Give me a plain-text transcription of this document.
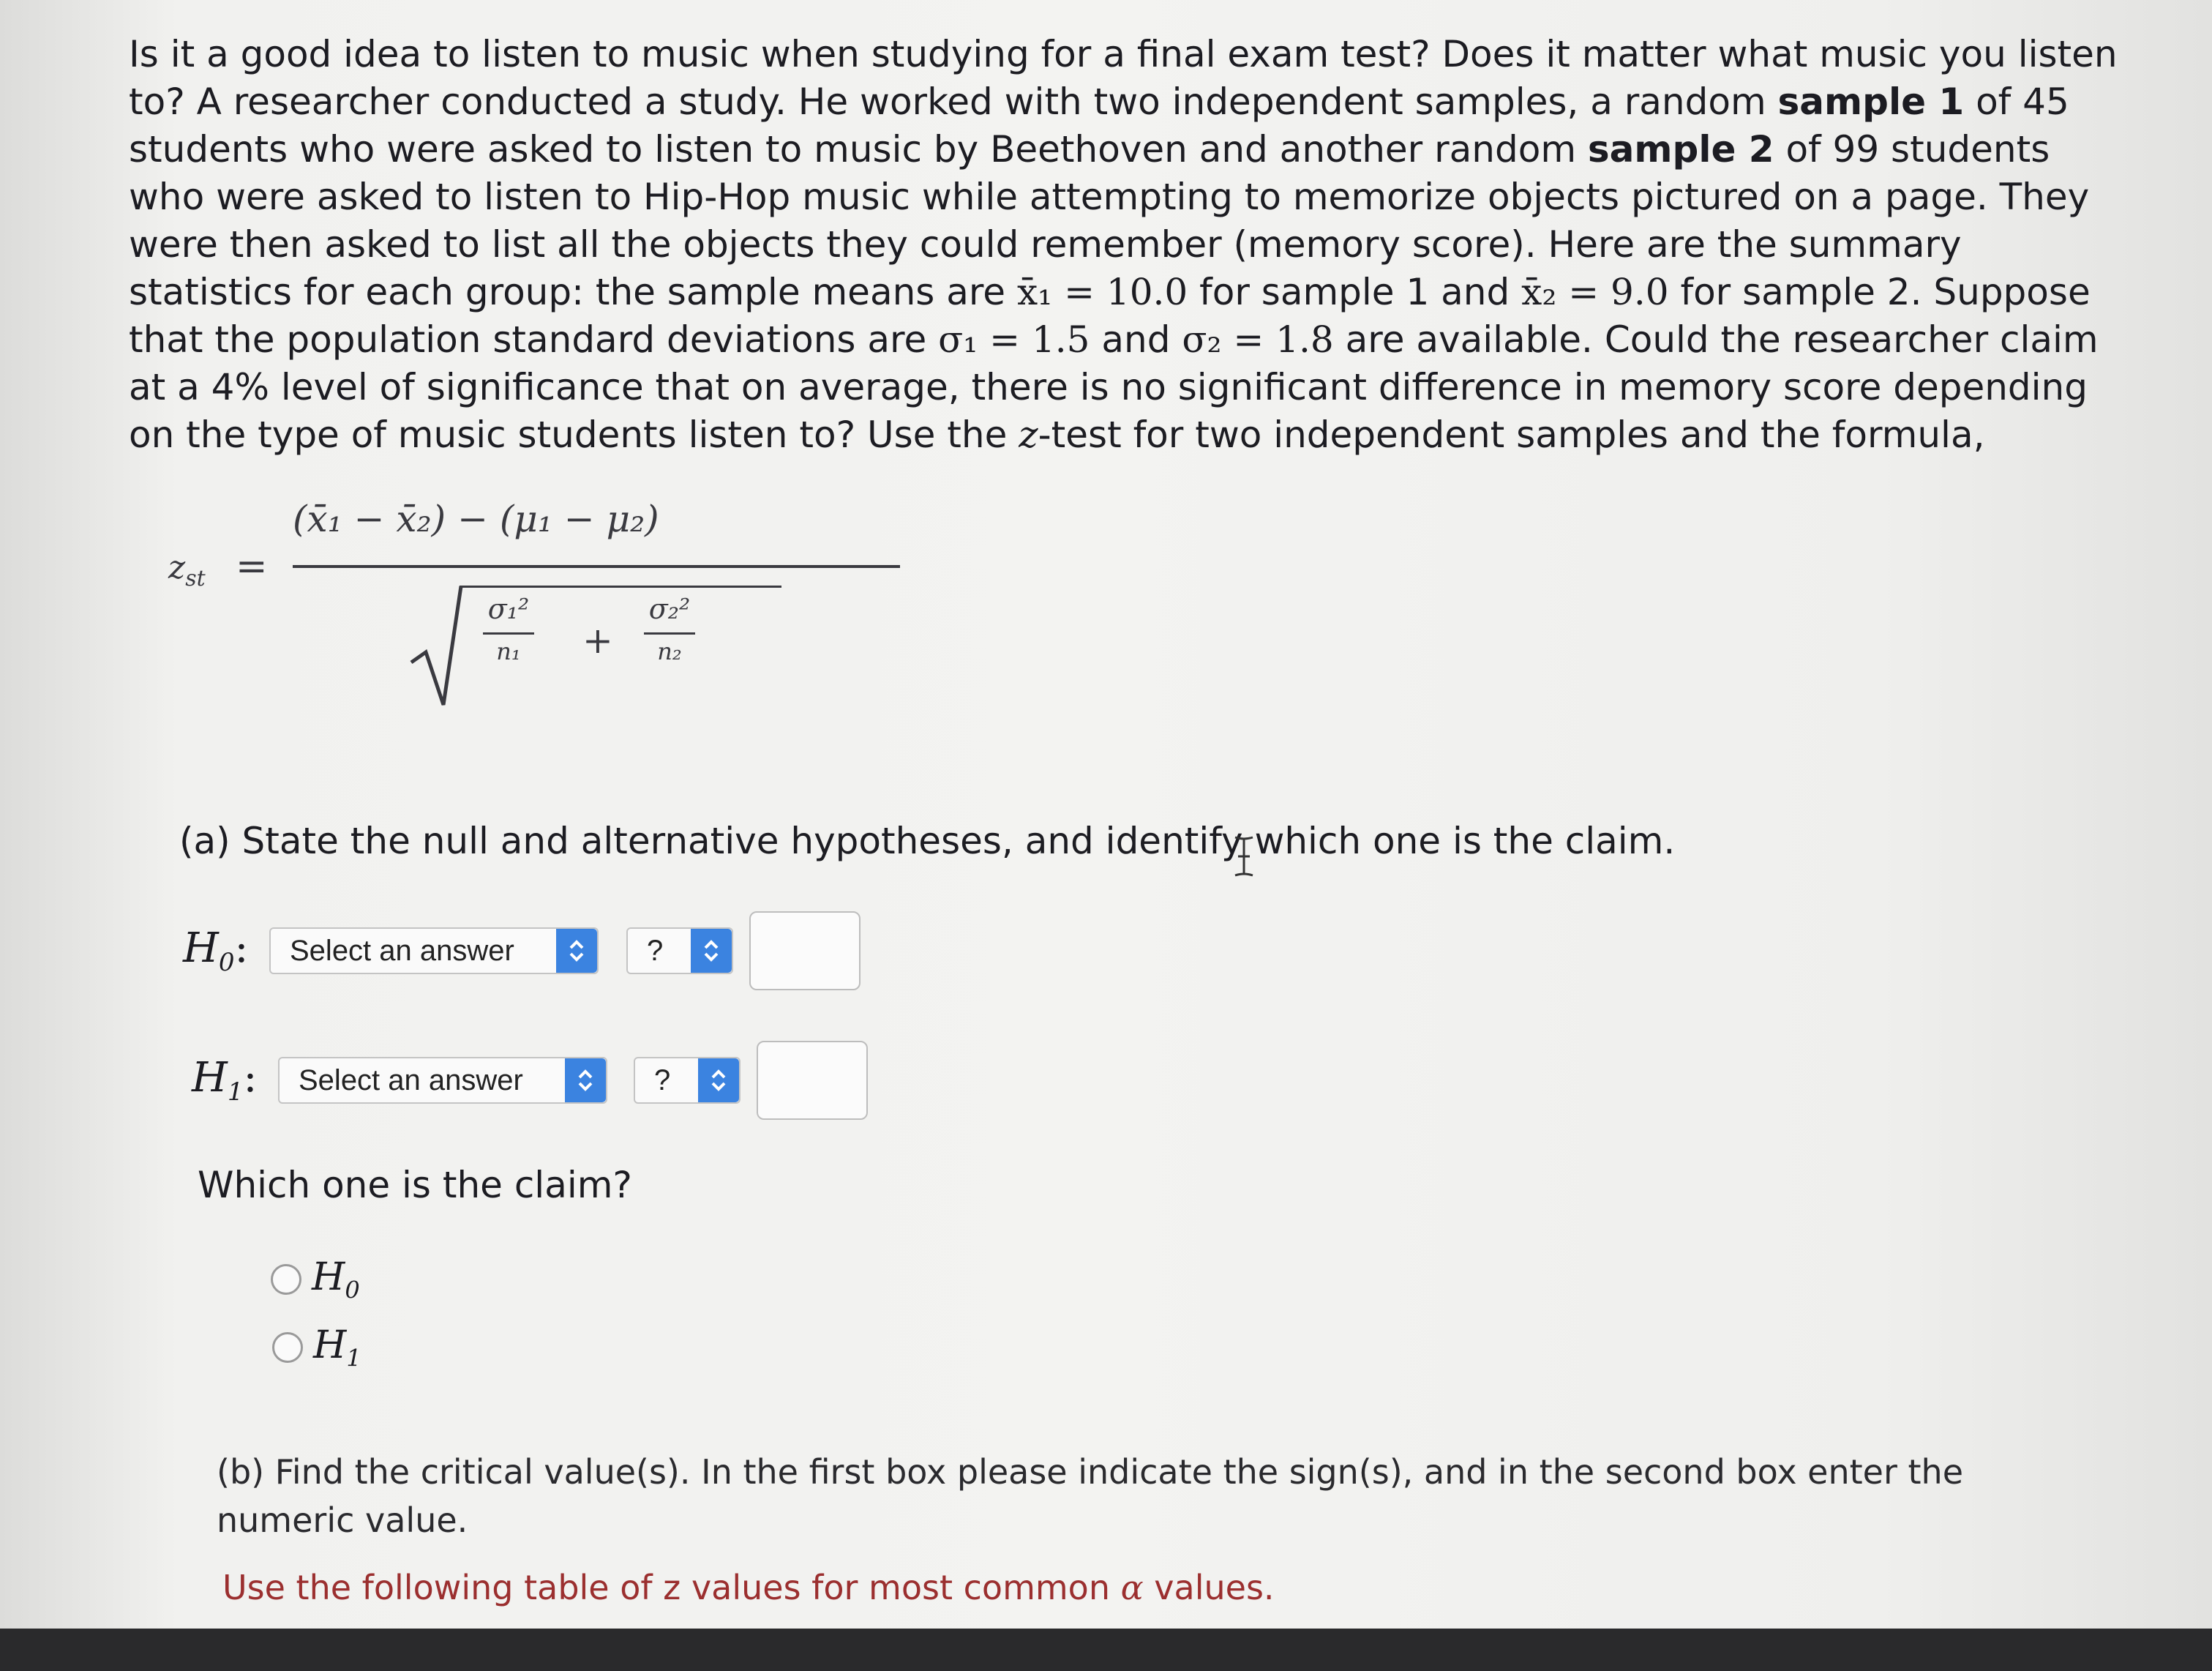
Is it a good idea to listen to music when studying for a final exam test? Does it matter what music you listen to? A researcher conducted a study. He worked with two independent samples, a random sample 1 of 45 students who were asked to listen to music by Beethoven and another random sample 2 of 99 students who were asked to listen to Hip-Hop music while attempting to memorize objects pictured on a page. They were then asked to list all the objects they could remember (memory score). Here are the summary statistics for each group: the sample means are x̄₁ = 10.0 for sample 1 and x̄₂ = 9.0 for sample 2. Suppose that the population standard deviations are σ₁ = 1.5 and σ₂ = 1.8 are available. Could the researcher claim at a 4% level of significance that on average, there is no significant difference in memory score depending on the type of music students listen to? Use the z-test for two independent samples and the formula,

$z_{st}$ =
(x̄₁ − x̄₂) − (μ₁ − μ₂)
σ₁²
n₁	+
σ₂²
n₂

(a) State the null and alternative hypotheses, and identify which one is the claim.

$H_0$:	Select an answer	?
$H_1$:	Select an answer	?

Which one is the claim?

$H_0$
$H_1$

(b) Find the critical value(s). In the first box please indicate the sign(s), and in the second box enter the numeric value.

Use the following table of z values for most common α values.
